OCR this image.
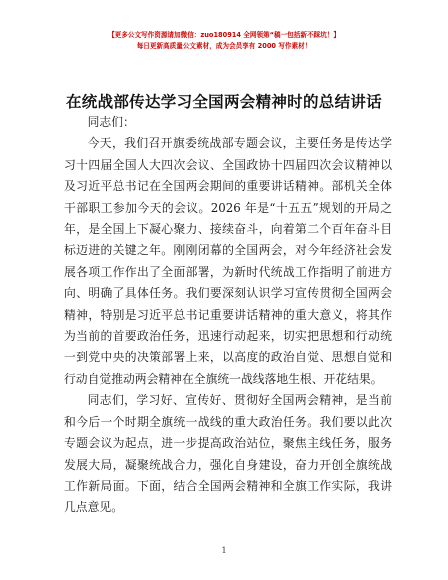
【更多公文写作资源请加微信：zuo180914 全网领第“稿一包括新不踩坑！】
每日更新高质量公文素材，成为会员享有 2000 写作素材！
在统战部传达学习全国两会精神时的总结讲话

同志们：

今天，我们召开旗委统战部专题会议，主要任务是传达学习十四届全国人大四次会议、全国政协十四届四次会议精神以及习近平总书记在全国两会期间的重要讲话精神。部机关全体干部职工参加今天的会议。2026 年是“十五五”规划的开局之年，是全国上下凝心聚力、接续奋斗，向着第二个百年奋斗目标迈进的关键之年。刚刚闭幕的全国两会，对今年经济社会发展各项工作作出了全面部署，为新时代统战工作指明了前进方向、明确了具体任务。我们要深刻认识学习宣传贯彻全国两会精神，特别是习近平总书记重要讲话精神的重大意义，将其作为当前的首要政治任务，迅速行动起来，切实把思想和行动统一到党中央的决策部署上来，以高度的政治自觉、思想自觉和行动自觉推动两会精神在全旗统一战线落地生根、开花结果。

同志们，学习好、宣传好、贯彻好全国两会精神，是当前和今后一个时期全旗统一战线的重大政治任务。我们要以此次专题会议为起点，进一步提高政治站位，聚焦主线任务，服务发展大局，凝聚统战合力，强化自身建设，奋力开创全旗统战工作新局面。下面，结合全国两会精神和全旗工作实际，我讲几点意见。

1
